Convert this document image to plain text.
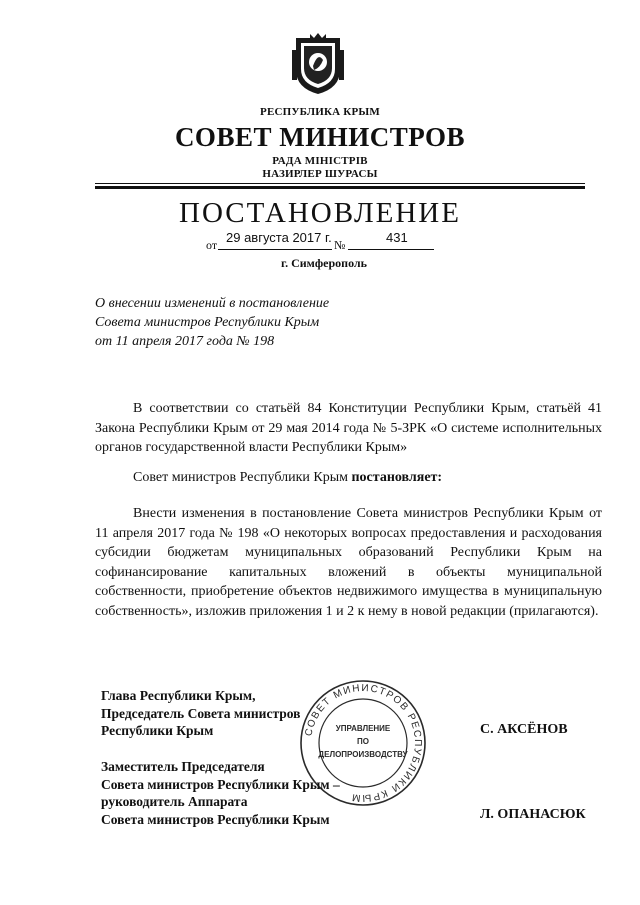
РЕСПУБЛИКА КРЫМ
СОВЕТ МИНИСТРОВ
РАДА МІНІСТРІВ
НАЗИРЛЕР ШУРАСЫ
ПОСТАНОВЛЕНИЕ
от 29 августа 2017 г. №	431
г. Симферополь
О внесении изменений в постановление
Совета министров Республики Крым
от 11 апреля 2017 года № 198
В соответствии со статьёй 84 Конституции Республики Крым, статьёй 41 Закона Республики Крым от 29 мая 2014 года № 5-ЗРК «О системе исполнительных органов государственной власти Республики Крым»
Совет министров Республики Крым постановляет:
Внести изменения в постановление Совета министров Республики Крым от 11 апреля 2017 года № 198 «О некоторых вопросах предоставления и расходования субсидии бюджетам муниципальных образований Республики Крым на софинансирование капитальных вложений в объекты муниципальной собственности, приобретение объектов недвижимого имущества в муниципальную собственность», изложив приложения 1 и 2 к нему в новой редакции (прилагаются).
СОВЕТ МИНИСТРОВ РЕСПУБЛИКИ КРЫМ
УПРАВЛЕНИЕ
ПО
ДЕЛОПРОИЗВОДСТВУ
Глава Республики Крым,
Председатель Совета министров
Республики Крым	С. АКСЁНОВ
Заместитель Председателя
Совета министров Республики Крым –
руководитель Аппарата
Совета министров Республики Крым	Л. ОПАНАСЮК
